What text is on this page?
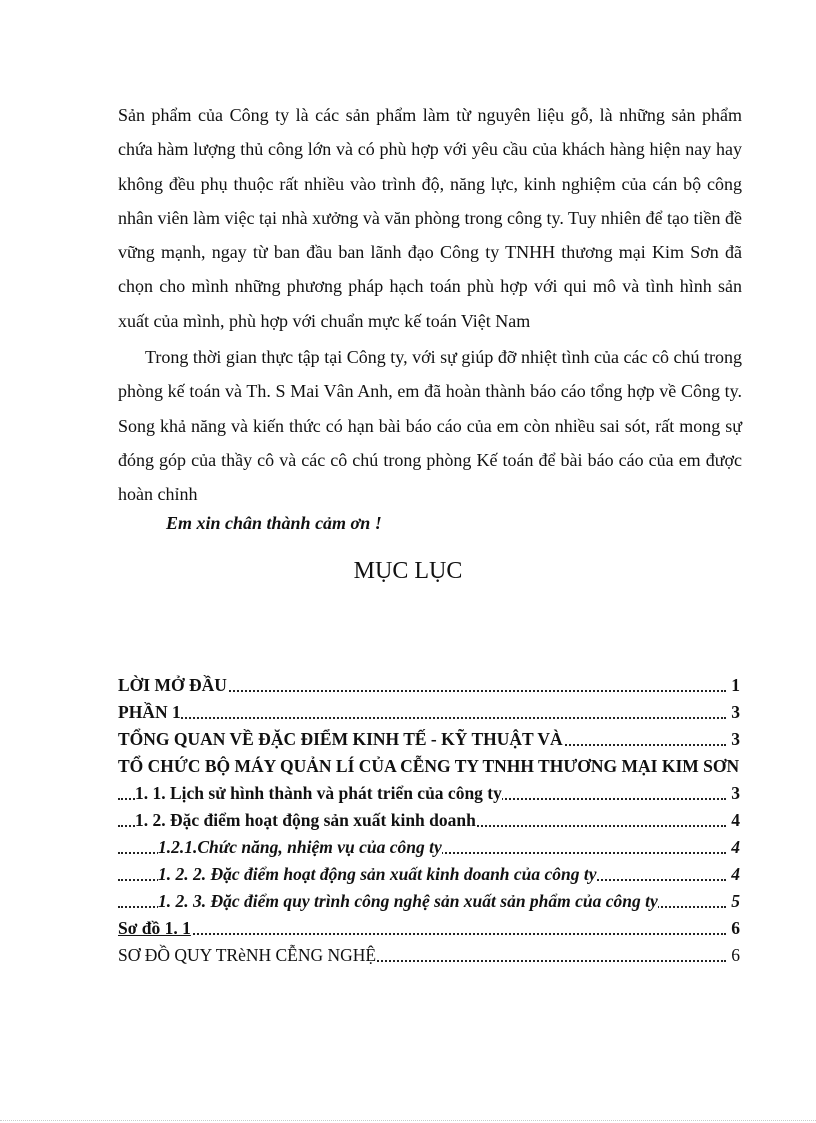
Sản phẩm của Công ty là các sản phẩm làm từ nguyên liệu gỗ, là những sản phẩm chứa hàm lượng thủ công lớn và có phù hợp với yêu cầu của khách hàng hiện nay hay không đều phụ thuộc rất nhiều vào trình độ, năng lực, kinh nghiệm của cán bộ công nhân viên làm việc tại nhà xưởng và văn phòng trong công ty. Tuy nhiên để tạo tiền đề vững mạnh, ngay từ ban đầu ban lãnh đạo Công ty TNHH thương mại Kim Sơn đã chọn cho mình những phương pháp hạch toán phù hợp với qui mô và tình hình sản xuất của mình, phù hợp với chuẩn mực kế toán Việt Nam

Trong thời gian thực tập tại Công ty, với sự giúp đỡ nhiệt tình của các cô chú trong phòng kế toán và Th. S Mai Vân Anh, em đã hoàn thành báo cáo tổng hợp về Công ty. Song khả năng và kiến thức có hạn bài báo cáo của em còn nhiều sai sót, rất mong sự đóng góp của thầy cô và các cô chú trong phòng Kế toán để bài báo cáo của em được hoàn chỉnh

Em xin chân thành cảm ơn !

MỤC LỤC
LỜI MỞ ĐẦU	1
PHẦN 1	3
TỔNG QUAN VỀ ĐẶC ĐIỂM KINH TẾ - KỸ THUẬT VÀ	3
TỔ CHỨC BỘ MÁY QUẢN LÍ CỦA CỄNG TY TNHH THƯƠNG MẠI KIM SƠN
1. 1. Lịch sử hình thành và phát triển của công ty	3
1. 2. Đặc điểm hoạt động sản xuất kinh doanh	4
1.2.1.Chức năng, nhiệm vụ của công ty	4
1. 2. 2. Đặc điểm hoạt động sản xuất kinh doanh của công ty	4
1. 2. 3. Đặc điểm quy trình công nghệ sản xuất sản phẩm của công ty	5
Sơ đồ 1. 1	6
SƠ ĐỒ QUY TRèNH CỄNG NGHỆ	6
